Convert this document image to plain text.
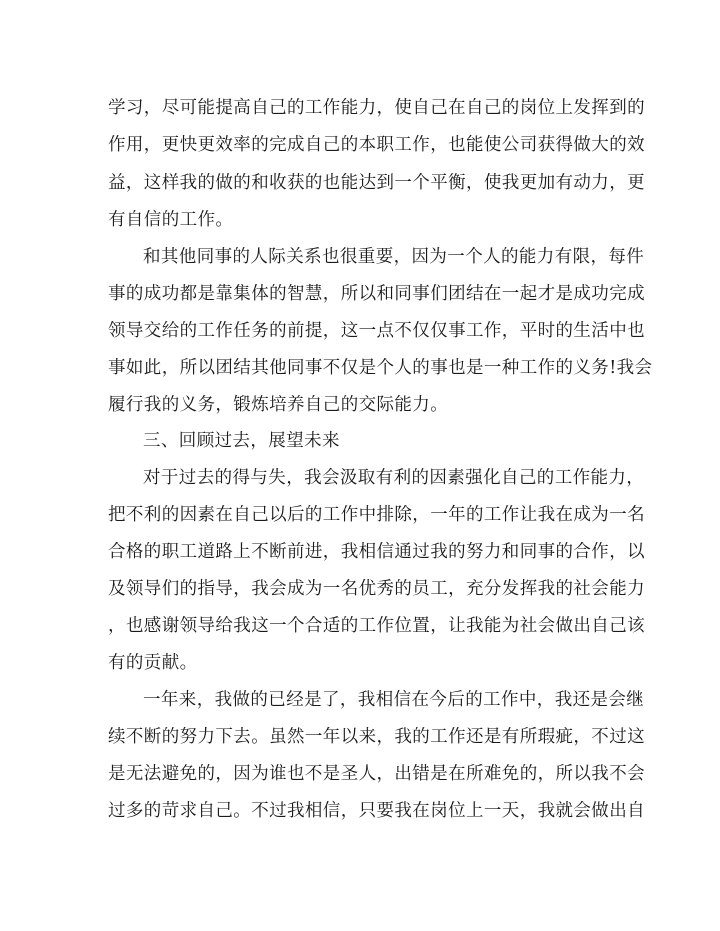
学习，尽可能提高自己的工作能力，使自己在自己的岗位上发挥到的
作用，更快更效率的完成自己的本职工作，也能使公司获得做大的效
益，这样我的做的和收获的也能达到一个平衡，使我更加有动力，更
有自信的工作。
和其他同事的人际关系也很重要，因为一个人的能力有限，每件
事的成功都是靠集体的智慧，所以和同事们团结在一起才是成功完成
领导交给的工作任务的前提，这一点不仅仅事工作，平时的生活中也
事如此，所以团结其他同事不仅是个人的事也是一种工作的义务!我会
履行我的义务，锻炼培养自己的交际能力。
三、回顾过去，展望未来
对于过去的得与失，我会汲取有利的因素强化自己的工作能力，
把不利的因素在自己以后的工作中排除，一年的工作让我在成为一名
合格的职工道路上不断前进，我相信通过我的努力和同事的合作，以
及领导们的指导，我会成为一名优秀的员工，充分发挥我的社会能力
，也感谢领导给我这一个合适的工作位置，让我能为社会做出自己该
有的贡献。
一年来，我做的已经是了，我相信在今后的工作中，我还是会继
续不断的努力下去。虽然一年以来，我的工作还是有所瑕疵，不过这
是无法避免的，因为谁也不是圣人，出错是在所难免的，所以我不会
过多的苛求自己。不过我相信，只要我在岗位上一天，我就会做出自
